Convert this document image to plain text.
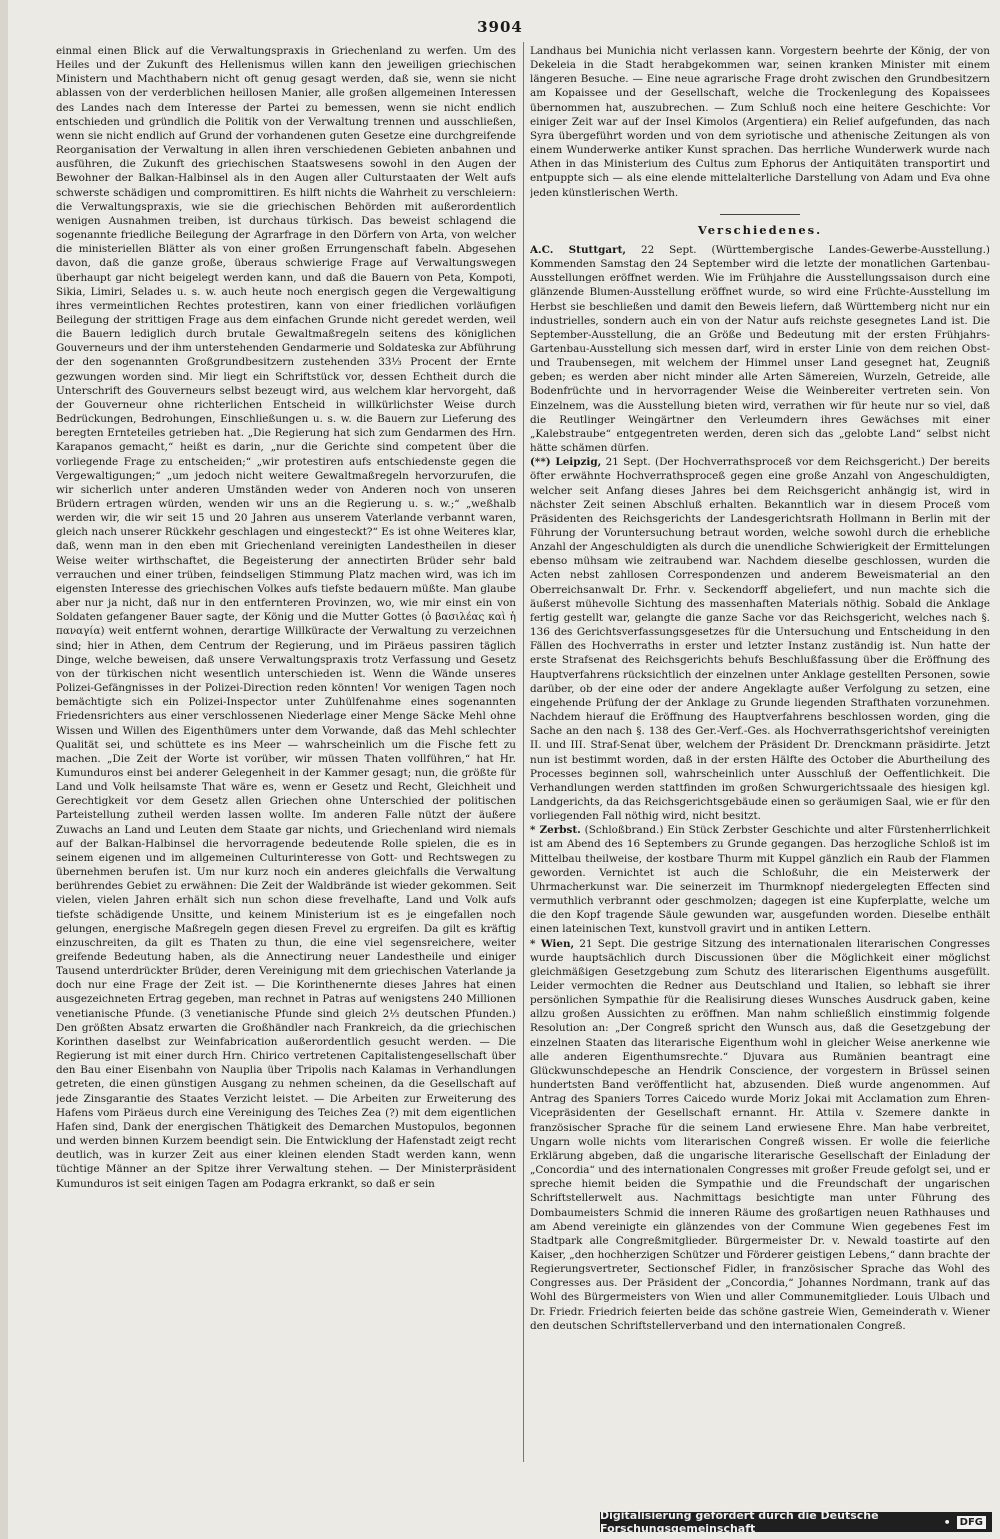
3904

einmal einen Blick auf die Verwaltungspraxis in Griechenland zu werfen. Um des Heiles und der Zukunft des Hellenismus willen kann den jeweiligen griechischen Ministern und Machthabern nicht oft genug gesagt werden, daß sie, wenn sie nicht ablassen von der verderblichen heillosen Manier, alle großen allgemeinen Interessen des Landes nach dem Interesse der Partei zu bemessen, wenn sie nicht endlich entschieden und gründlich die Politik von der Verwaltung trennen und ausschließen, wenn sie nicht endlich auf Grund der vorhandenen guten Gesetze eine durchgreifende Reorganisation der Verwaltung in allen ihren verschiedenen Gebieten anbahnen und ausführen, die Zukunft des griechischen Staatswesens sowohl in den Augen der Bewohner der Balkan-Halbinsel als in den Augen aller Culturstaaten der Welt aufs schwerste schädigen und compromittiren. Es hilft nichts die Wahrheit zu verschleiern: die Verwaltungspraxis, wie sie die griechischen Behörden mit außerordentlich wenigen Ausnahmen treiben, ist durchaus türkisch. Das beweist schlagend die sogenannte friedliche Beilegung der Agrarfrage in den Dörfern von Arta, von welcher die ministeriellen Blätter als von einer großen Errungenschaft fabeln. Abgesehen davon, daß die ganze große, überaus schwierige Frage auf Verwaltungswegen überhaupt gar nicht beigelegt werden kann, und daß die Bauern von Peta, Kompoti, Sikia, Limiri, Selades u. s. w. auch heute noch energisch gegen die Vergewaltigung ihres vermeintlichen Rechtes protestiren, kann von einer friedlichen vorläufigen Beilegung der strittigen Frage aus dem einfachen Grunde nicht geredet werden, weil die Bauern lediglich durch brutale Gewaltmaßregeln seitens des königlichen Gouverneurs und der ihm unterstehenden Gendarmerie und Soldateska zur Abführung der den sogenannten Großgrundbesitzern zustehenden 33⅓ Procent der Ernte gezwungen worden sind. Mir liegt ein Schriftstück vor, dessen Echtheit durch die Unterschrift des Gouverneurs selbst bezeugt wird, aus welchem klar hervorgeht, daß der Gouverneur ohne richterlichen Entscheid in willkürlichster Weise durch Bedrückungen, Bedrohungen, Einschließungen u. s. w. die Bauern zur Lieferung des beregten Ernteteiles getrieben hat. „Die Regierung hat sich zum Gendarmen des Hrn. Karapanos gemacht,“ heißt es darin, „nur die Gerichte sind competent über die vorliegende Frage zu entscheiden;“ „wir protestiren aufs entschiedenste gegen die Vergewaltigungen;“ „um jedoch nicht weitere Gewaltmaßregeln hervorzurufen, die wir sicherlich unter anderen Umständen weder von Anderen noch von unseren Brüdern ertragen würden, wenden wir uns an die Regierung u. s. w.;“ „weßhalb werden wir, die wir seit 15 und 20 Jahren aus unserem Vaterlande verbannt waren, gleich nach unserer Rückkehr geschlagen und eingesteckt?“ Es ist ohne Weiteres klar, daß, wenn man in den eben mit Griechenland vereinigten Landestheilen in dieser Weise weiter wirthschaftet, die Begeisterung der annectirten Brüder sehr bald verrauchen und einer trüben, feindseligen Stimmung Platz machen wird, was ich im eigensten Interesse des griechischen Volkes aufs tiefste bedauern müßte. Man glaube aber nur ja nicht, daß nur in den entfernteren Provinzen, wo, wie mir einst ein von Soldaten gefangener Bauer sagte, der König und die Mutter Gottes (ὁ βασιλέας καὶ ἡ παναγία) weit entfernt wohnen, derartige Willküracte der Verwaltung zu verzeichnen sind; hier in Athen, dem Centrum der Regierung, und im Piräeus passiren täglich Dinge, welche beweisen, daß unsere Verwaltungspraxis trotz Verfassung und Gesetz von der türkischen nicht wesentlich unterschieden ist. Wenn die Wände unseres Polizei-Gefängnisses in der Polizei-Direction reden könnten! Vor wenigen Tagen noch bemächtigte sich ein Polizei-Inspector unter Zuhülfenahme eines sogenannten Friedensrichters aus einer verschlossenen Niederlage einer Menge Säcke Mehl ohne Wissen und Willen des Eigenthümers unter dem Vorwande, daß das Mehl schlechter Qualität sei, und schüttete es ins Meer — wahrscheinlich um die Fische fett zu machen. „Die Zeit der Worte ist vorüber, wir müssen Thaten vollführen,“ hat Hr. Kumunduros einst bei anderer Gelegenheit in der Kammer gesagt; nun, die größte für Land und Volk heilsamste That wäre es, wenn er Gesetz und Recht, Gleichheit und Gerechtigkeit vor dem Gesetz allen Griechen ohne Unterschied der politischen Parteistellung zutheil werden lassen wollte. Im anderen Falle nützt der äußere Zuwachs an Land und Leuten dem Staate gar nichts, und Griechenland wird niemals auf der Balkan-Halbinsel die hervorragende bedeutende Rolle spielen, die es in seinem eigenen und im allgemeinen Culturinteresse von Gott- und Rechtswegen zu übernehmen berufen ist. Um nur kurz noch ein anderes gleichfalls die Verwaltung berührendes Gebiet zu erwähnen: Die Zeit der Waldbrände ist wieder gekommen. Seit vielen, vielen Jahren erhält sich nun schon diese frevelhafte, Land und Volk aufs tiefste schädigende Unsitte, und keinem Ministerium ist es je eingefallen noch gelungen, energische Maßregeln gegen diesen Frevel zu ergreifen. Da gilt es kräftig einzuschreiten, da gilt es Thaten zu thun, die eine viel segensreichere, weiter greifende Bedeutung haben, als die Annectirung neuer Landestheile und einiger Tausend unterdrückter Brüder, deren Vereinigung mit dem griechischen Vaterlande ja doch nur eine Frage der Zeit ist. — Die Korinthenernte dieses Jahres hat einen ausgezeichneten Ertrag gegeben, man rechnet in Patras auf wenigstens 240 Millionen venetianische Pfunde. (3 venetianische Pfunde sind gleich 2⅓ deutschen Pfunden.) Den größten Absatz erwarten die Großhändler nach Frankreich, da die griechischen Korinthen daselbst zur Weinfabrication außerordentlich gesucht werden. — Die Regierung ist mit einer durch Hrn. Chirico vertretenen Capitalistengesellschaft über den Bau einer Eisenbahn von Nauplia über Tripolis nach Kalamas in Verhandlungen getreten, die einen günstigen Ausgang zu nehmen scheinen, da die Gesellschaft auf jede Zinsgarantie des Staates Verzicht leistet. — Die Arbeiten zur Erweiterung des Hafens vom Piräeus durch eine Vereinigung des Teiches Zea (?) mit dem eigentlichen Hafen sind, Dank der energischen Thätigkeit des Demarchen Mustopulos, begonnen und werden binnen Kurzem beendigt sein. Die Entwicklung der Hafenstadt zeigt recht deutlich, was in kurzer Zeit aus einer kleinen elenden Stadt werden kann, wenn tüchtige Männer an der Spitze ihrer Verwaltung stehen. — Der Ministerpräsident Kumunduros ist seit einigen Tagen am Podagra erkrankt, so daß er sein

Landhaus bei Munichia nicht verlassen kann. Vorgestern beehrte der König, der von Dekeleia in die Stadt herabgekommen war, seinen kranken Minister mit einem längeren Besuche. — Eine neue agrarische Frage droht zwischen den Grundbesitzern am Kopaissee und der Gesellschaft, welche die Trockenlegung des Kopaissees übernommen hat, auszubrechen. — Zum Schluß noch eine heitere Geschichte: Vor einiger Zeit war auf der Insel Kimolos (Argentiera) ein Relief aufgefunden, das nach Syra übergeführt worden und von dem syriotische und athenische Zeitungen als von einem Wunderwerke antiker Kunst sprachen. Das herrliche Wunderwerk wurde nach Athen in das Ministerium des Cultus zum Ephorus der Antiquitäten transportirt und entpuppte sich — als eine elende mittelalterliche Darstellung von Adam und Eva ohne jeden künstlerischen Werth.

Verschiedenes.

A.C. Stuttgart, 22 Sept. (Württembergische Landes-Gewerbe-Ausstellung.) Kommenden Samstag den 24 September wird die letzte der monatlichen Gartenbau-Ausstellungen eröffnet werden. Wie im Frühjahre die Ausstellungssaison durch eine glänzende Blumen-Ausstellung eröffnet wurde, so wird eine Früchte-Ausstellung im Herbst sie beschließen und damit den Beweis liefern, daß Württemberg nicht nur ein industrielles, sondern auch ein von der Natur aufs reichste gesegnetes Land ist. Die September-Ausstellung, die an Größe und Bedeutung mit der ersten Frühjahrs-Gartenbau-Ausstellung sich messen darf, wird in erster Linie von dem reichen Obst- und Traubensegen, mit welchem der Himmel unser Land gesegnet hat, Zeugniß geben; es werden aber nicht minder alle Arten Sämereien, Wurzeln, Getreide, alle Bodenfrüchte und in hervorragender Weise die Weinbereiter vertreten sein. Von Einzelnem, was die Ausstellung bieten wird, verrathen wir für heute nur so viel, daß die Reutlinger Weingärtner den Verleumdern ihres Gewächses mit einer „Kalebstraube“ entgegentreten werden, deren sich das „gelobte Land“ selbst nicht hätte schämen dürfen.

(**) Leipzig, 21 Sept. (Der Hochverrathsproceß vor dem Reichsgericht.) Der bereits öfter erwähnte Hochverrathsproceß gegen eine große Anzahl von Angeschuldigten, welcher seit Anfang dieses Jahres bei dem Reichsgericht anhängig ist, wird in nächster Zeit seinen Abschluß erhalten. Bekanntlich war in diesem Proceß vom Präsidenten des Reichsgerichts der Landesgerichtsrath Hollmann in Berlin mit der Führung der Voruntersuchung betraut worden, welche sowohl durch die erhebliche Anzahl der Angeschuldigten als durch die unendliche Schwierigkeit der Ermittelungen ebenso mühsam wie zeitraubend war. Nachdem dieselbe geschlossen, wurden die Acten nebst zahllosen Correspondenzen und anderem Beweismaterial an den Oberreichsanwalt Dr. Frhr. v. Seckendorff abgeliefert, und nun machte sich die äußerst mühevolle Sichtung des massenhaften Materials nöthig. Sobald die Anklage fertig gestellt war, gelangte die ganze Sache vor das Reichsgericht, welches nach §. 136 des Gerichtsverfassungsgesetzes für die Untersuchung und Entscheidung in den Fällen des Hochverraths in erster und letzter Instanz zuständig ist. Nun hatte der erste Strafsenat des Reichsgerichts behufs Beschlußfassung über die Eröffnung des Hauptverfahrens rücksichtlich der einzelnen unter Anklage gestellten Personen, sowie darüber, ob der eine oder der andere Angeklagte außer Verfolgung zu setzen, eine eingehende Prüfung der der Anklage zu Grunde liegenden Strafthaten vorzunehmen. Nachdem hierauf die Eröffnung des Hauptverfahrens beschlossen worden, ging die Sache an den nach §. 138 des Ger.-Verf.-Ges. als Hochverrathsgerichtshof vereinigten II. und III. Straf-Senat über, welchem der Präsident Dr. Drenckmann präsidirte. Jetzt nun ist bestimmt worden, daß in der ersten Hälfte des October die Aburtheilung des Processes beginnen soll, wahrscheinlich unter Ausschluß der Oeffentlichkeit. Die Verhandlungen werden stattfinden im großen Schwurgerichtssaale des hiesigen kgl. Landgerichts, da das Reichsgerichtsgebäude einen so geräumigen Saal, wie er für den vorliegenden Fall nöthig wird, nicht besitzt.

* Zerbst. (Schloßbrand.) Ein Stück Zerbster Geschichte und alter Fürstenherrlichkeit ist am Abend des 16 Septembers zu Grunde gegangen. Das herzogliche Schloß ist im Mittelbau theilweise, der kostbare Thurm mit Kuppel gänzlich ein Raub der Flammen geworden. Vernichtet ist auch die Schloßuhr, die ein Meisterwerk der Uhrmacherkunst war. Die seinerzeit im Thurmknopf niedergelegten Effecten sind vermuthlich verbrannt oder geschmolzen; dagegen ist eine Kupferplatte, welche um die den Kopf tragende Säule gewunden war, ausgefunden worden. Dieselbe enthält einen lateinischen Text, kunstvoll gravirt und in antiken Lettern.

* Wien, 21 Sept. Die gestrige Sitzung des internationalen literarischen Congresses wurde hauptsächlich durch Discussionen über die Möglichkeit einer möglichst gleichmäßigen Gesetzgebung zum Schutz des literarischen Eigenthums ausgefüllt. Leider vermochten die Redner aus Deutschland und Italien, so lebhaft sie ihrer persönlichen Sympathie für die Realisirung dieses Wunsches Ausdruck gaben, keine allzu großen Aussichten zu eröffnen. Man nahm schließlich einstimmig folgende Resolution an: „Der Congreß spricht den Wunsch aus, daß die Gesetzgebung der einzelnen Staaten das literarische Eigenthum wohl in gleicher Weise anerkenne wie alle anderen Eigenthumsrechte.“ Djuvara aus Rumänien beantragt eine Glückwunschdepesche an Hendrik Conscience, der vorgestern in Brüssel seinen hundertsten Band veröffentlicht hat, abzusenden. Dieß wurde angenommen. Auf Antrag des Spaniers Torres Caicedo wurde Moriz Jokai mit Acclamation zum Ehren-Vicepräsidenten der Gesellschaft ernannt. Hr. Attila v. Szemere dankte in französischer Sprache für die seinem Land erwiesene Ehre. Man habe verbreitet, Ungarn wolle nichts vom literarischen Congreß wissen. Er wolle die feierliche Erklärung abgeben, daß die ungarische literarische Gesellschaft der Einladung der „Concordia“ und des internationalen Congresses mit großer Freude gefolgt sei, und er spreche hiemit beiden die Sympathie und die Freundschaft der ungarischen Schriftstellerwelt aus. Nachmittags besichtigte man unter Führung des Dombaumeisters Schmid die inneren Räume des großartigen neuen Rathhauses und am Abend vereinigte ein glänzendes von der Commune Wien gegebenes Fest im Stadtpark alle Congreßmitglieder. Bürgermeister Dr. v. Newald toastirte auf den Kaiser, „den hochherzigen Schützer und Förderer geistigen Lebens,“ dann brachte der Regierungsvertreter, Sectionschef Fidler, in französischer Sprache das Wohl des Congresses aus. Der Präsident der „Concordia,“ Johannes Nordmann, trank auf das Wohl des Bürgermeisters von Wien und aller Communemitglieder. Louis Ulbach und Dr. Friedr. Friedrich feierten beide das schöne gastreie Wien, Gemeinderath v. Wiener den deutschen Schriftstellerverband und den internationalen Congreß.

Digitalisierung gefördert durch die Deutsche Forschungsgemeinschaft	• DFG
